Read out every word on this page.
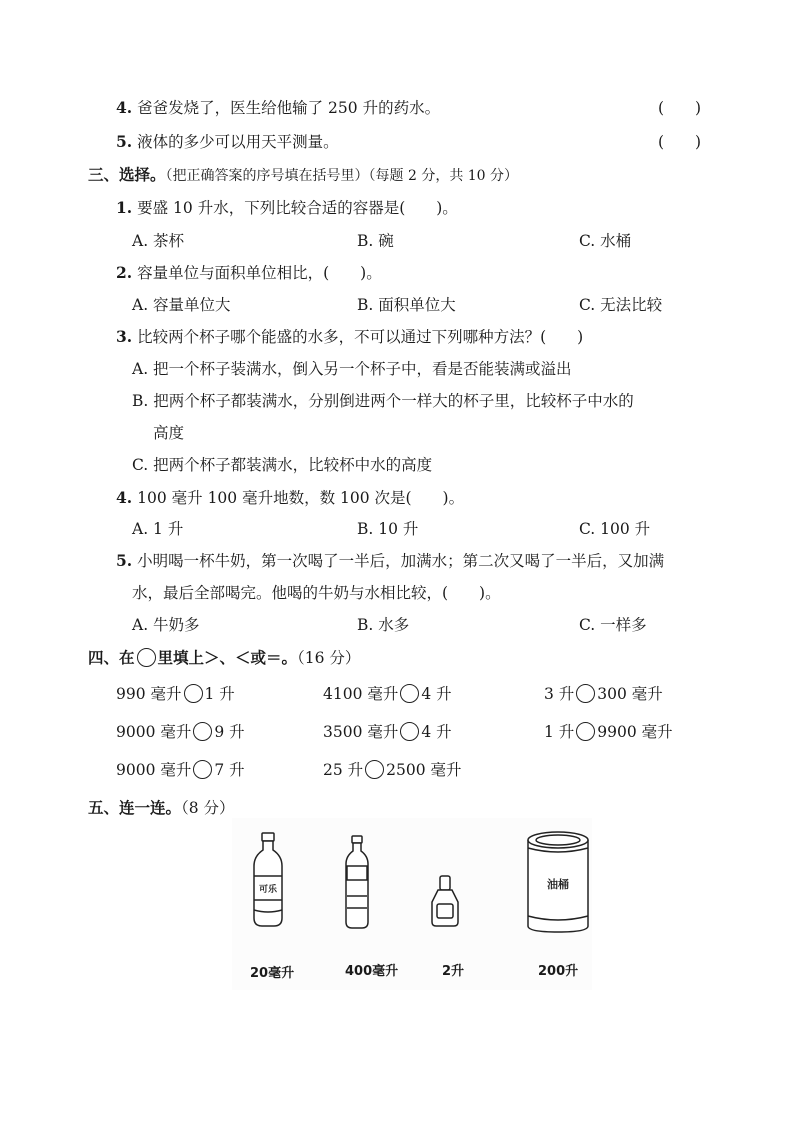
4. 爸爸发烧了，医生给他输了 250 升的药水。	(　　)
5. 液体的多少可以用天平测量。	(　　)
三、选择。（把正确答案的序号填在括号里）（每题 2 分，共 10 分）
1. 要盛 10 升水，下列比较合适的容器是(　　)。
A. 茶杯	B. 碗	C. 水桶
2. 容量单位与面积单位相比，(　　)。
A. 容量单位大	B. 面积单位大	C. 无法比较
3. 比较两个杯子哪个能盛的水多，不可以通过下列哪种方法？(　　)
A. 把一个杯子装满水，倒入另一个杯子中，看是否能装满或溢出
B. 把两个杯子都装满水，分别倒进两个一样大的杯子里，比较杯子中水的
高度
C. 把两个杯子都装满水，比较杯中水的高度
4. 100 毫升 100 毫升地数，数 100 次是(　　)。
A. 1 升	B. 10 升	C. 100 升
5. 小明喝一杯牛奶，第一次喝了一半后，加满水；第二次又喝了一半后，又加满
水，最后全部喝完。他喝的牛奶与水相比较，(　　)。
A. 牛奶多	B. 水多	C. 一样多
四、在 里填上＞、＜或＝。（16 分）
990 毫升 1 升	4100 毫升 4 升	3 升 300 毫升
9000 毫升 9 升	3500 毫升 4 升	1 升 9900 毫升
9000 毫升 7 升	25 升 2500 毫升
五、连一连。（8 分）
可乐	油桶
20毫升	400毫升	2升	200升
